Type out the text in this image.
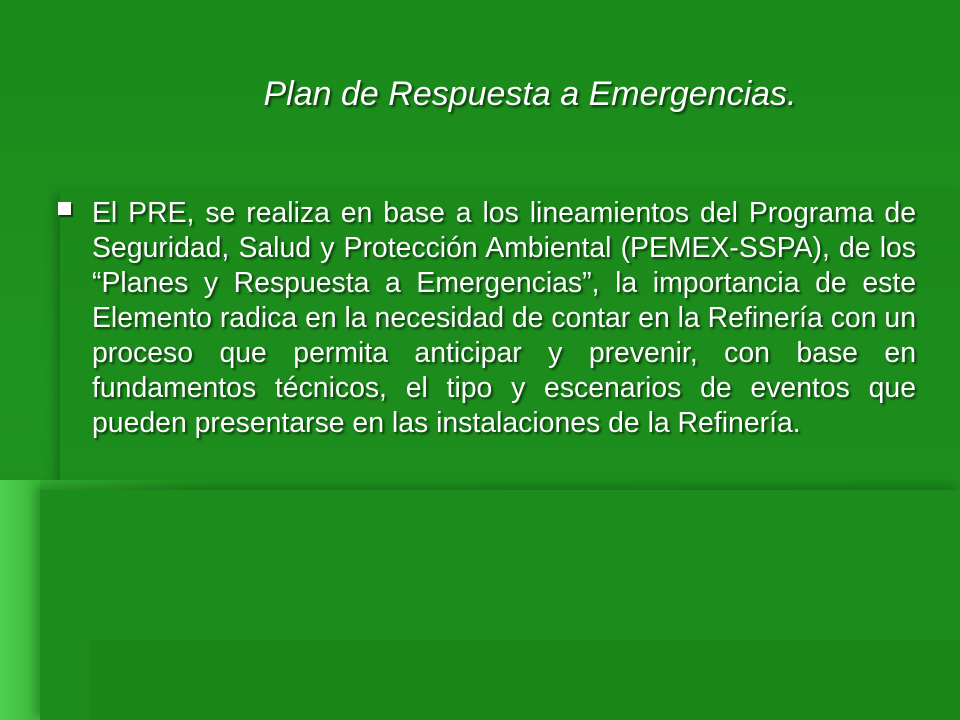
Plan de Respuesta a Emergencias.
El PRE, se realiza en base a los lineamientos del Programa de Seguridad, Salud y Protección Ambiental (PEMEX-SSPA), de los “Planes y Respuesta a Emergencias”, la importancia de este Elemento radica en la necesidad de contar en la Refinería con un proceso que permita anticipar y prevenir, con base en fundamentos técnicos, el tipo y escenarios de eventos que pueden presentarse en las instalaciones de la Refinería.
